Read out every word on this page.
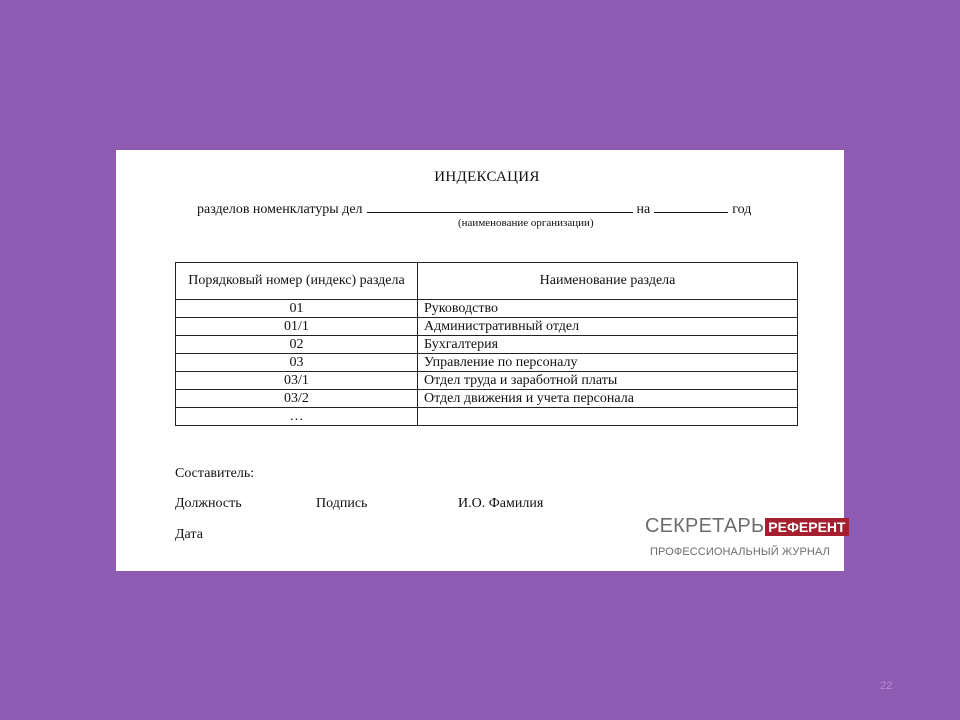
ИНДЕКСАЦИЯ
разделов номенклатуры дел	на	год
(наименование организации)
Порядковый номер (индекс) раздела	Наименование раздела
01	Руководство
01/1	Административный отдел
02	Бухгалтерия
03	Управление по персоналу
03/1	Отдел труда и заработной платы
03/2	Отдел движения и учета персонала
…	
Составитель:
Должность	Подпись	И.О. Фамилия
Дата	СЕКРЕТАРЬ РЕФЕРЕНТ
ПРОФЕССИОНАЛЬНЫЙ ЖУРНАЛ
22
